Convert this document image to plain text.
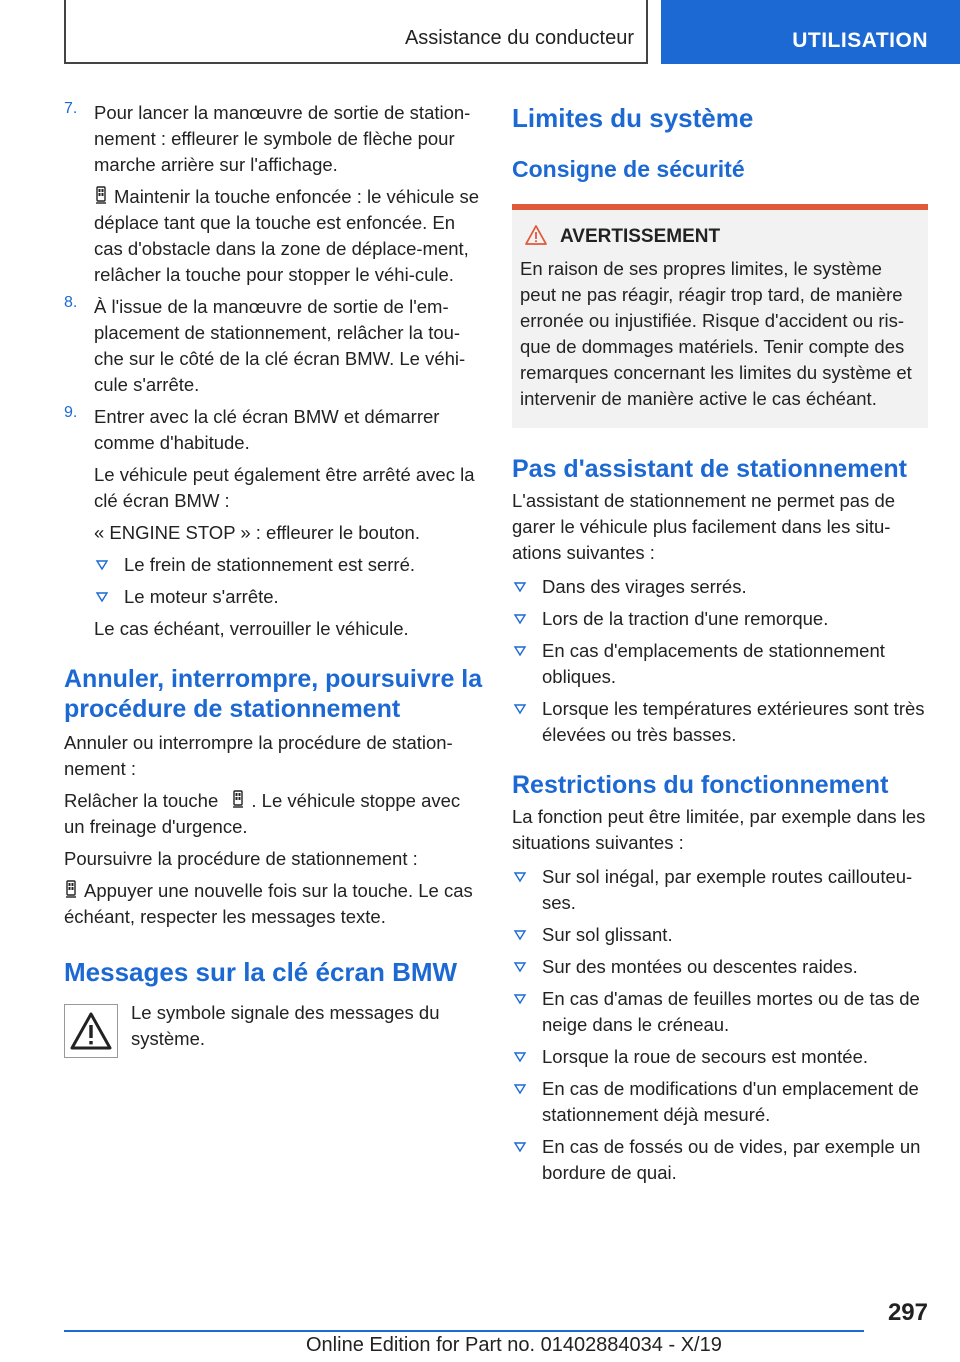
Assistance du conducteur	UTILISATION
7. Pour lancer la manœuvre de sortie de station-nement : effleurer le symbole de flèche pour marche arrière sur l'affichage.

Maintenir la touche enfoncée : le véhicule se déplace tant que la touche est enfoncée. En cas d'obstacle dans la zone de déplace-ment, relâcher la touche pour stopper le véhi-cule.

8. À l'issue de la manœuvre de sortie de l'em-placement de stationnement, relâcher la tou-che sur le côté de la clé écran BMW. Le véhi-cule s'arrête.

9. Entrer avec la clé écran BMW et démarrer comme d'habitude.

Le véhicule peut également être arrêté avec la clé écran BMW :

« ENGINE STOP » : effleurer le bouton.

Le frein de stationnement est serré.

Le moteur s'arrête.

Le cas échéant, verrouiller le véhicule.

Annuler, interrompre, poursuivre la procédure de stationnement

Annuler ou interrompre la procédure de station-nement :

Relâcher la touche . Le véhicule stoppe avec un freinage d'urgence.

Poursuivre la procédure de stationnement :

Appuyer une nouvelle fois sur la touche. Le cas échéant, respecter les messages texte.

Messages sur la clé écran BMW

Le symbole signale des messages du système.

Limites du système
Consigne de sécurité
AVERTISSEMENT

En raison de ses propres limites, le système peut ne pas réagir, réagir trop tard, de manière erronée ou injustifiée. Risque d'accident ou ris-que de dommages matériels. Tenir compte des remarques concernant les limites du système et intervenir de manière active le cas échéant.

Pas d'assistant de stationnement

L'assistant de stationnement ne permet pas de garer le véhicule plus facilement dans les situ-ations suivantes :

Dans des virages serrés.

Lors de la traction d'une remorque.

En cas d'emplacements de stationnement obliques.

Lorsque les températures extérieures sont très élevées ou très basses.

Restrictions du fonctionnement

La fonction peut être limitée, par exemple dans les situations suivantes :

Sur sol inégal, par exemple routes caillouteu-ses.

Sur sol glissant.

Sur des montées ou descentes raides.

En cas d'amas de feuilles mortes ou de tas de neige dans le créneau.

Lorsque la roue de secours est montée.

En cas de modifications d'un emplacement de stationnement déjà mesuré.

En cas de fossés ou de vides, par exemple un bordure de quai.

297
Online Edition for Part no. 01402884034 - X/19
